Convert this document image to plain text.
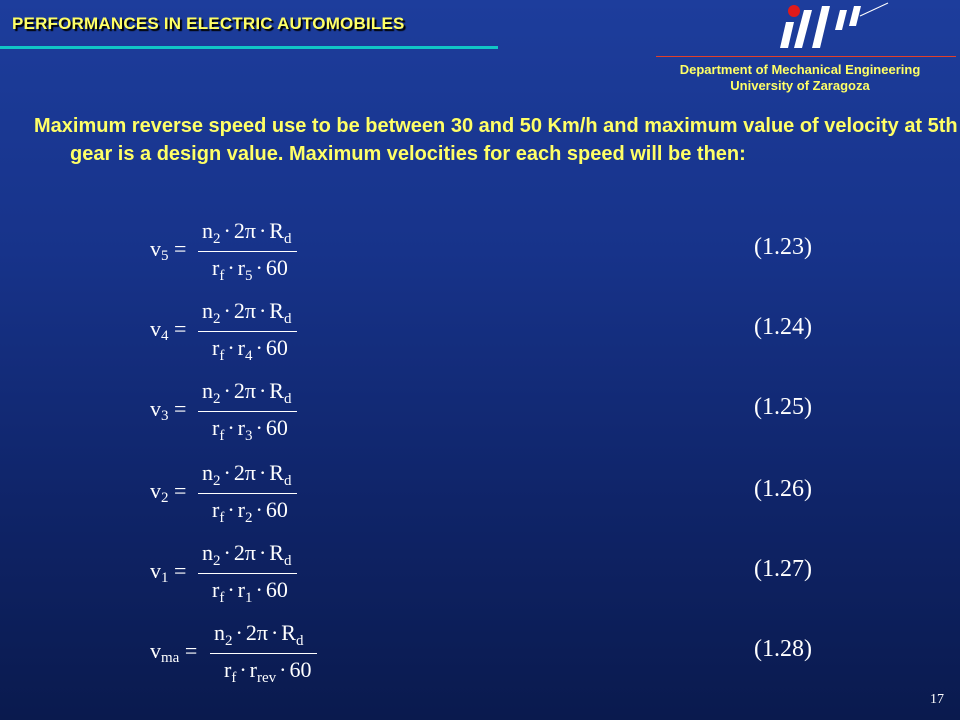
PERFORMANCES IN ELECTRIC AUTOMOBILES
Department of Mechanical Engineering
University of Zaragoza
Maximum reverse speed use to be between 30 and 50 Km/h and maximum value of velocity at 5th gear is a design value. Maximum velocities for each speed will be then:
$v_5$ =
$n_2 \cdot 2\pi \cdot R_d$
$r_f \cdot r_5 \cdot 60$
(1.23)
$v_4$ =
$n_2 \cdot 2\pi \cdot R_d$
$r_f \cdot r_4 \cdot 60$
(1.24)
$v_3$ =
$n_2 \cdot 2\pi \cdot R_d$
$r_f \cdot r_3 \cdot 60$
(1.25)
$v_2$ =
$n_2 \cdot 2\pi \cdot R_d$
$r_f \cdot r_2 \cdot 60$
(1.26)
$v_1$ =
$n_2 \cdot 2\pi \cdot R_d$
$r_f \cdot r_1 \cdot 60$
(1.27)
$v_{ma}$ =
$n_2 \cdot 2\pi \cdot R_d$
$r_f \cdot r_{rev} \cdot 60$
(1.28)
17
